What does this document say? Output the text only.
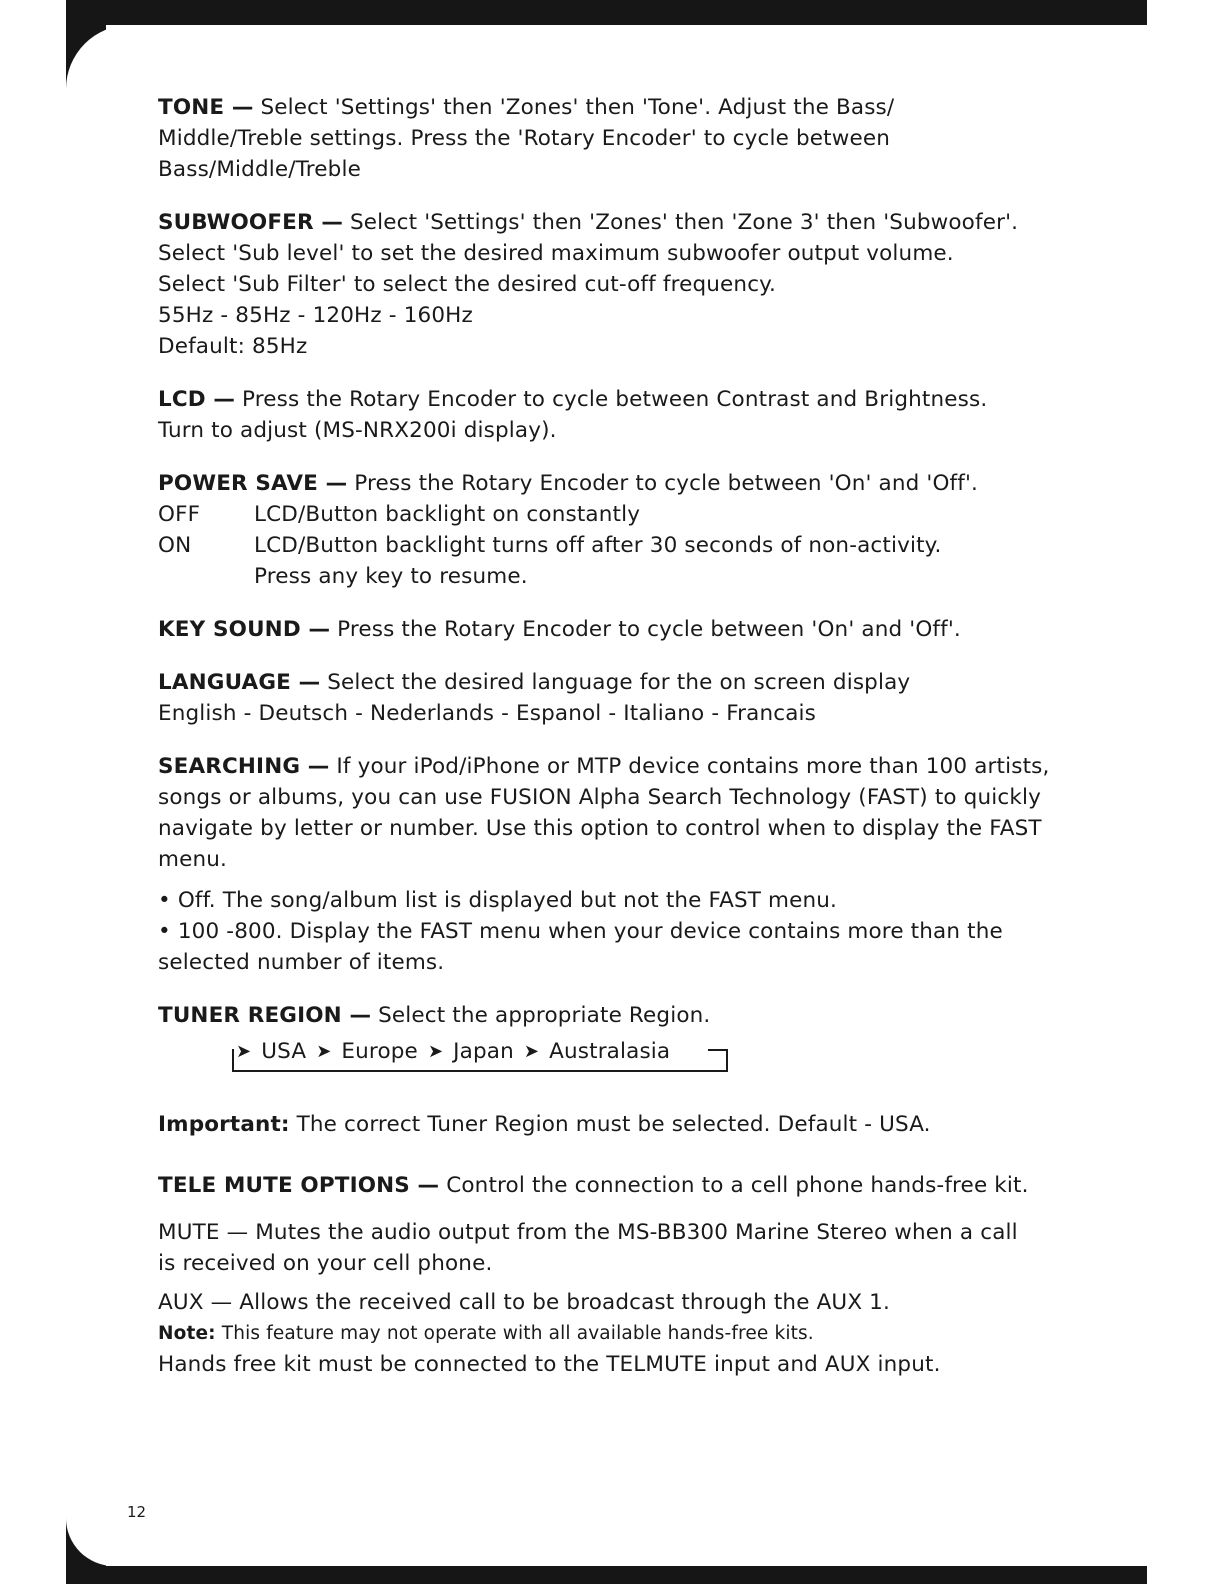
TONE — Select 'Settings' then 'Zones' then 'Tone'. Adjust the Bass/

Middle/Treble settings. Press the 'Rotary Encoder' to cycle between

Bass/Middle/Treble

SUBWOOFER — Select 'Settings' then 'Zones' then 'Zone 3' then 'Subwoofer'.

Select 'Sub level' to set the desired maximum subwoofer output volume.

Select 'Sub Filter' to select the desired cut-off frequency.

55Hz - 85Hz - 120Hz - 160Hz

Default: 85Hz

LCD — Press the Rotary Encoder to cycle between Contrast and Brightness.

Turn to adjust (MS-NRX200i display).

POWER SAVE — Press the Rotary Encoder to cycle between 'On' and 'Off'.

OFF	LCD/Button backlight on constantly
ON	LCD/Button backlight turns off after 30 seconds of non-activity.
Press any key to resume.

KEY SOUND — Press the Rotary Encoder to cycle between 'On' and 'Off'.

LANGUAGE — Select the desired language for the on screen display

English - Deutsch - Nederlands - Espanol - Italiano - Francais

SEARCHING — If your iPod/iPhone or MTP device contains more than 100 artists,

songs or albums, you can use FUSION Alpha Search Technology (FAST) to quickly

navigate by letter or number. Use this option to control when to display the FAST

menu.

• Off. The song/album list is displayed but not the FAST menu.

• 100 -800. Display the FAST menu when your device contains more than the

selected number of items.

TUNER REGION — Select the appropriate Region.

➤ USA ➤ Europe ➤ Japan ➤ Australasia

Important: The correct Tuner Region must be selected. Default - USA.

TELE MUTE OPTIONS — Control the connection to a cell phone hands-free kit.

MUTE — Mutes the audio output from the MS-BB300 Marine Stereo when a call

is received on your cell phone.

AUX — Allows the received call to be broadcast through the AUX 1.

Note: This feature may not operate with all available hands-free kits.

Hands free kit must be connected to the TELMUTE input and AUX input.

12
